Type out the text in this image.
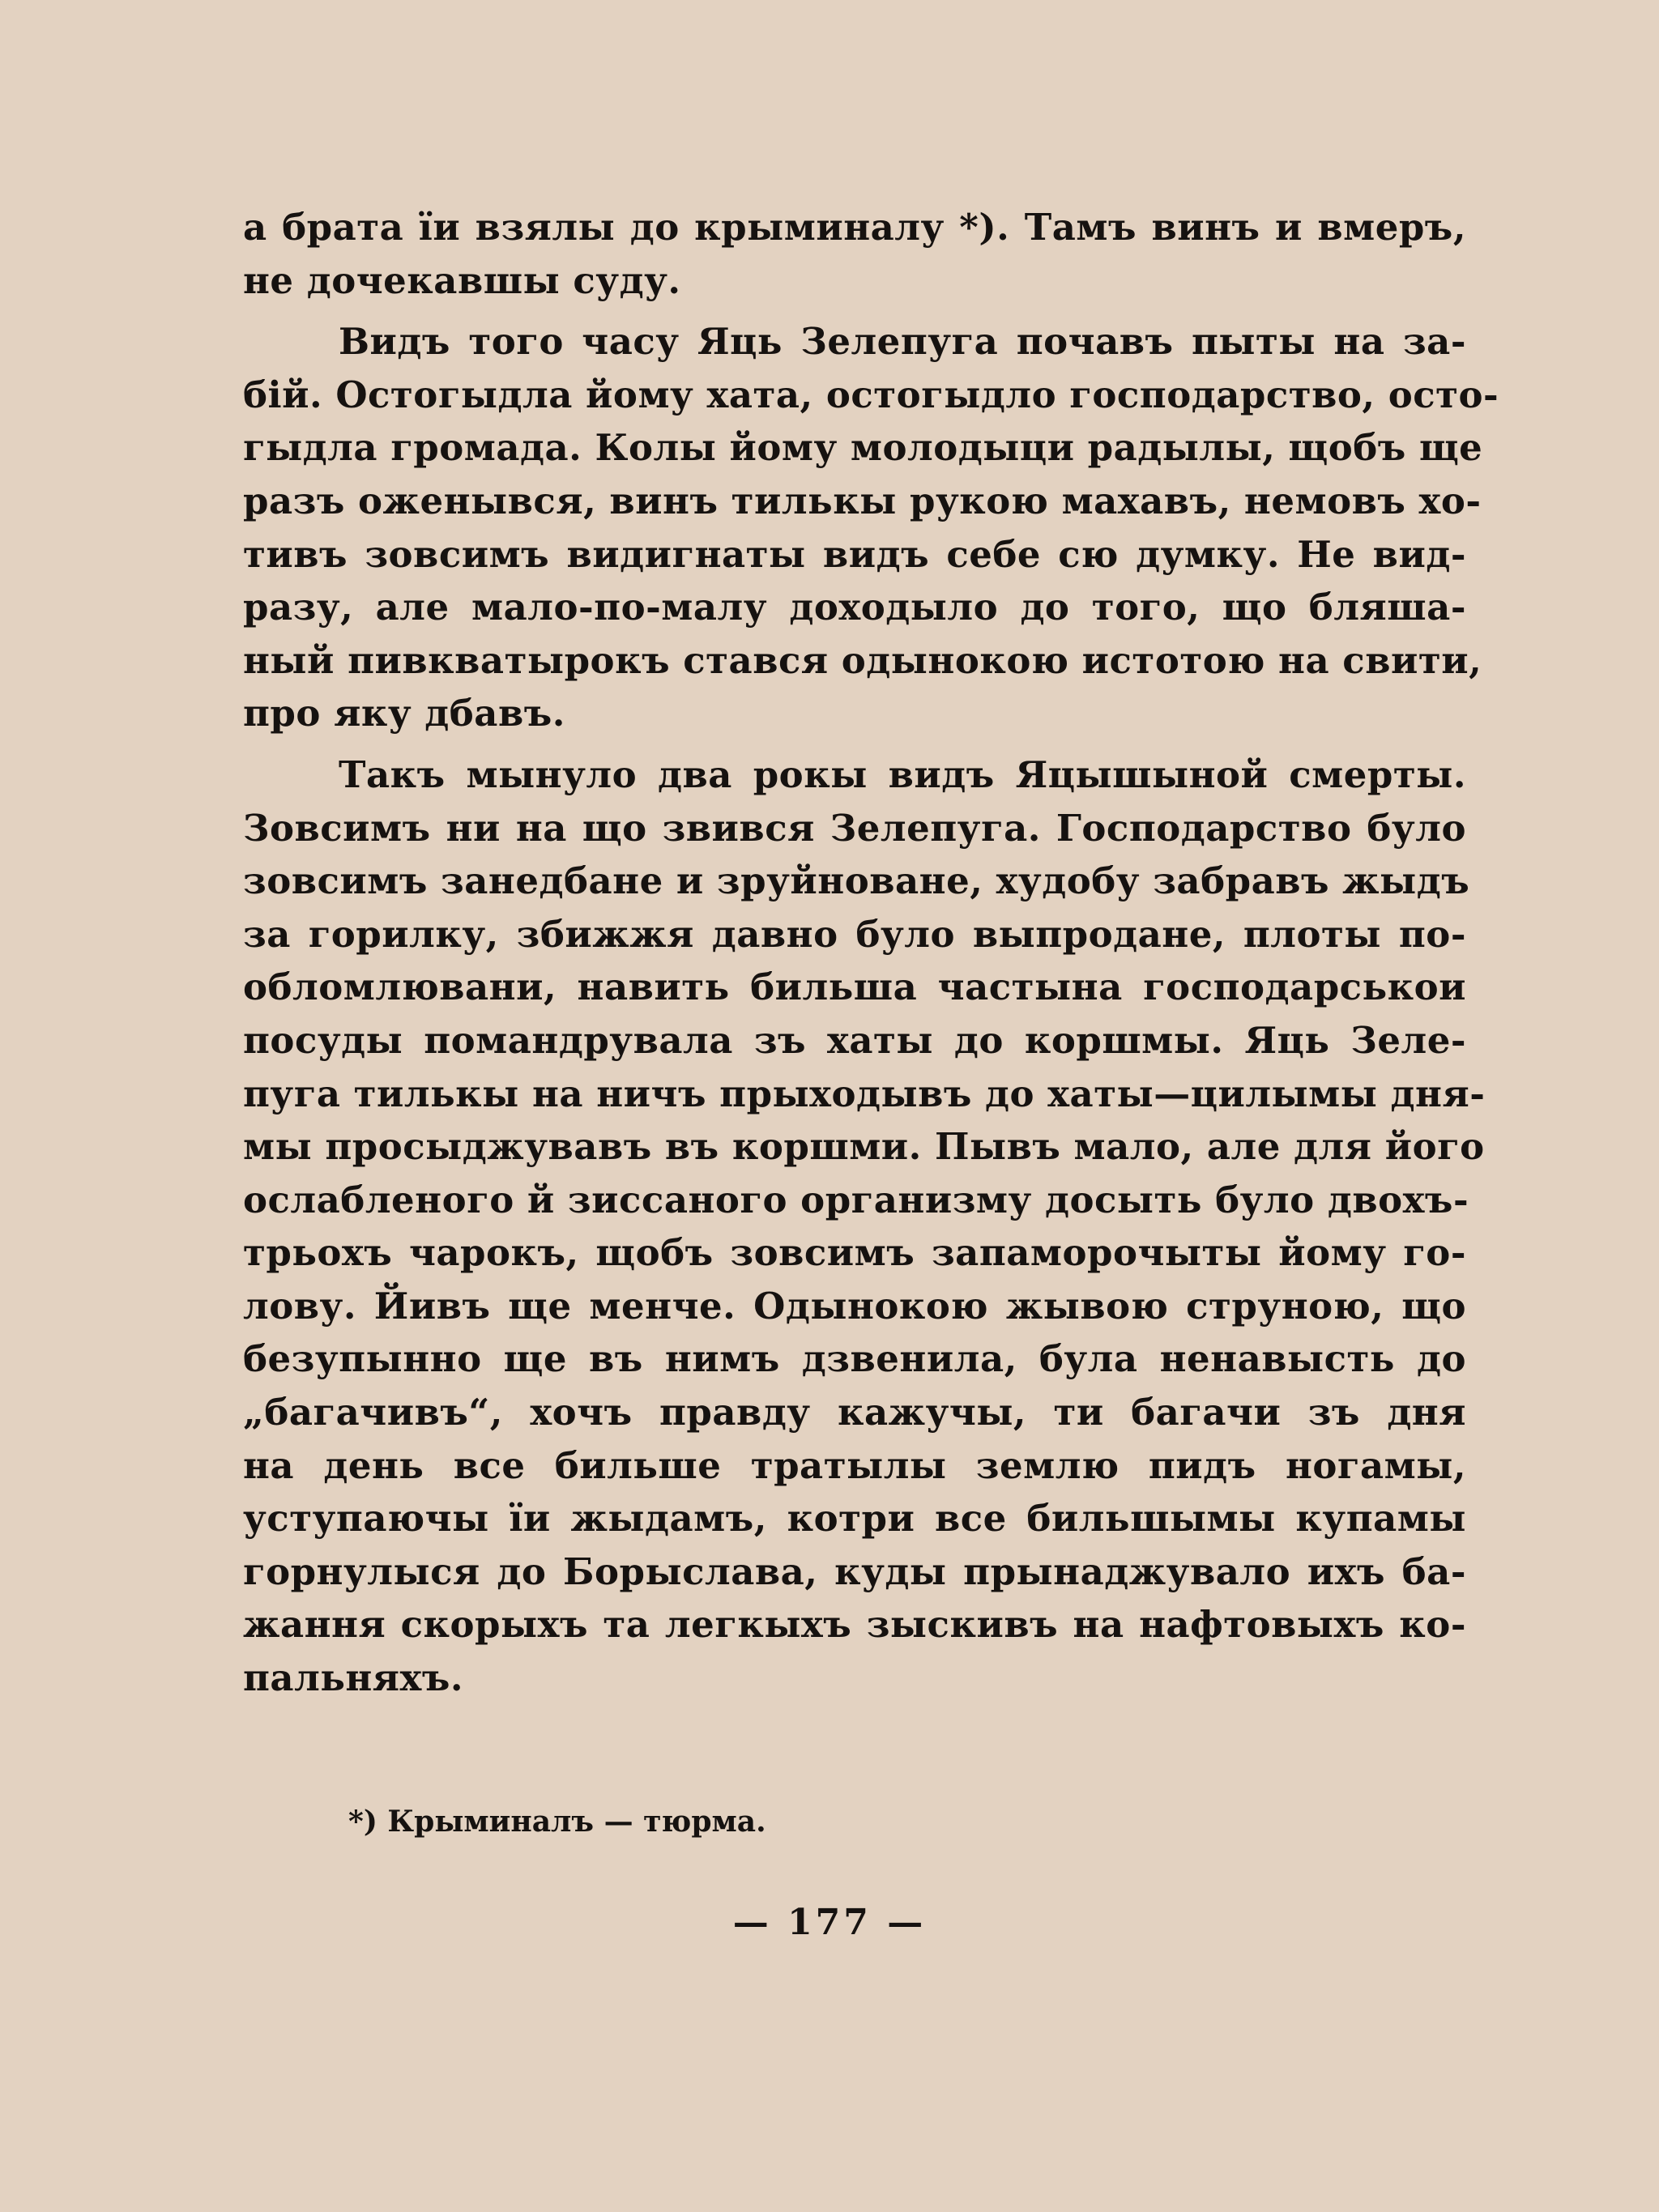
а брата їи взялы до крыминалу *). Тамъ винъ и вмеръ,
не дочекавшы суду.
Видъ того часу Яць Зелепуга почавъ пыты на за-
бій. Остогыдла йому хата, остогыдло господарство, осто-
гыдла громада. Колы йому молодыци радылы, щобъ ще
разъ оженывся, винъ тилькы рукою махавъ, немовъ хо-
тивъ зовсимъ видигнаты видъ себе сю думку. Не вид-
разу, але мало-по-малу доходыло до того, що бляша-
ный пивкватырокъ стався одынокою истотою на свити,
про яку дбавъ.
Такъ мынуло два рокы видъ Яцышыной смерты.
Зовсимъ ни на що звився Зелепуга. Господарство було
зовсимъ занедбане и зруйноване, худобу забравъ жыдъ
за горилку, збижжя давно було выпродане, плоты по-
обломлювани, навить бильша частына господарськои
посуды помандрувала зъ хаты до коршмы. Яць Зеле-
пуга тилькы на ничъ прыходывъ до хаты—цилымы дня-
мы просыджувавъ въ коршми. Пывъ мало, але для його
ослабленого й зиссаного организму досыть було двохъ-
трьохъ чарокъ, щобъ зовсимъ запаморочыты йому го-
лову. Йивъ ще менче. Одынокою жывою струною, що
безупынно ще въ нимъ дзвенила, була ненавысть до
„багачивъ“, хочъ правду кажучы, ти багачи зъ дня
на день все бильше тратылы землю пидъ ногамы,
уступаючы їи жыдамъ, котри все бильшымы купамы
горнулыся до Борыслава, куды прынаджувало ихъ ба-
жання скорыхъ та легкыхъ зыскивъ на нафтовыхъ ко-
пальняхъ.
*) Крыминалъ — тюрма.
— 177 —
